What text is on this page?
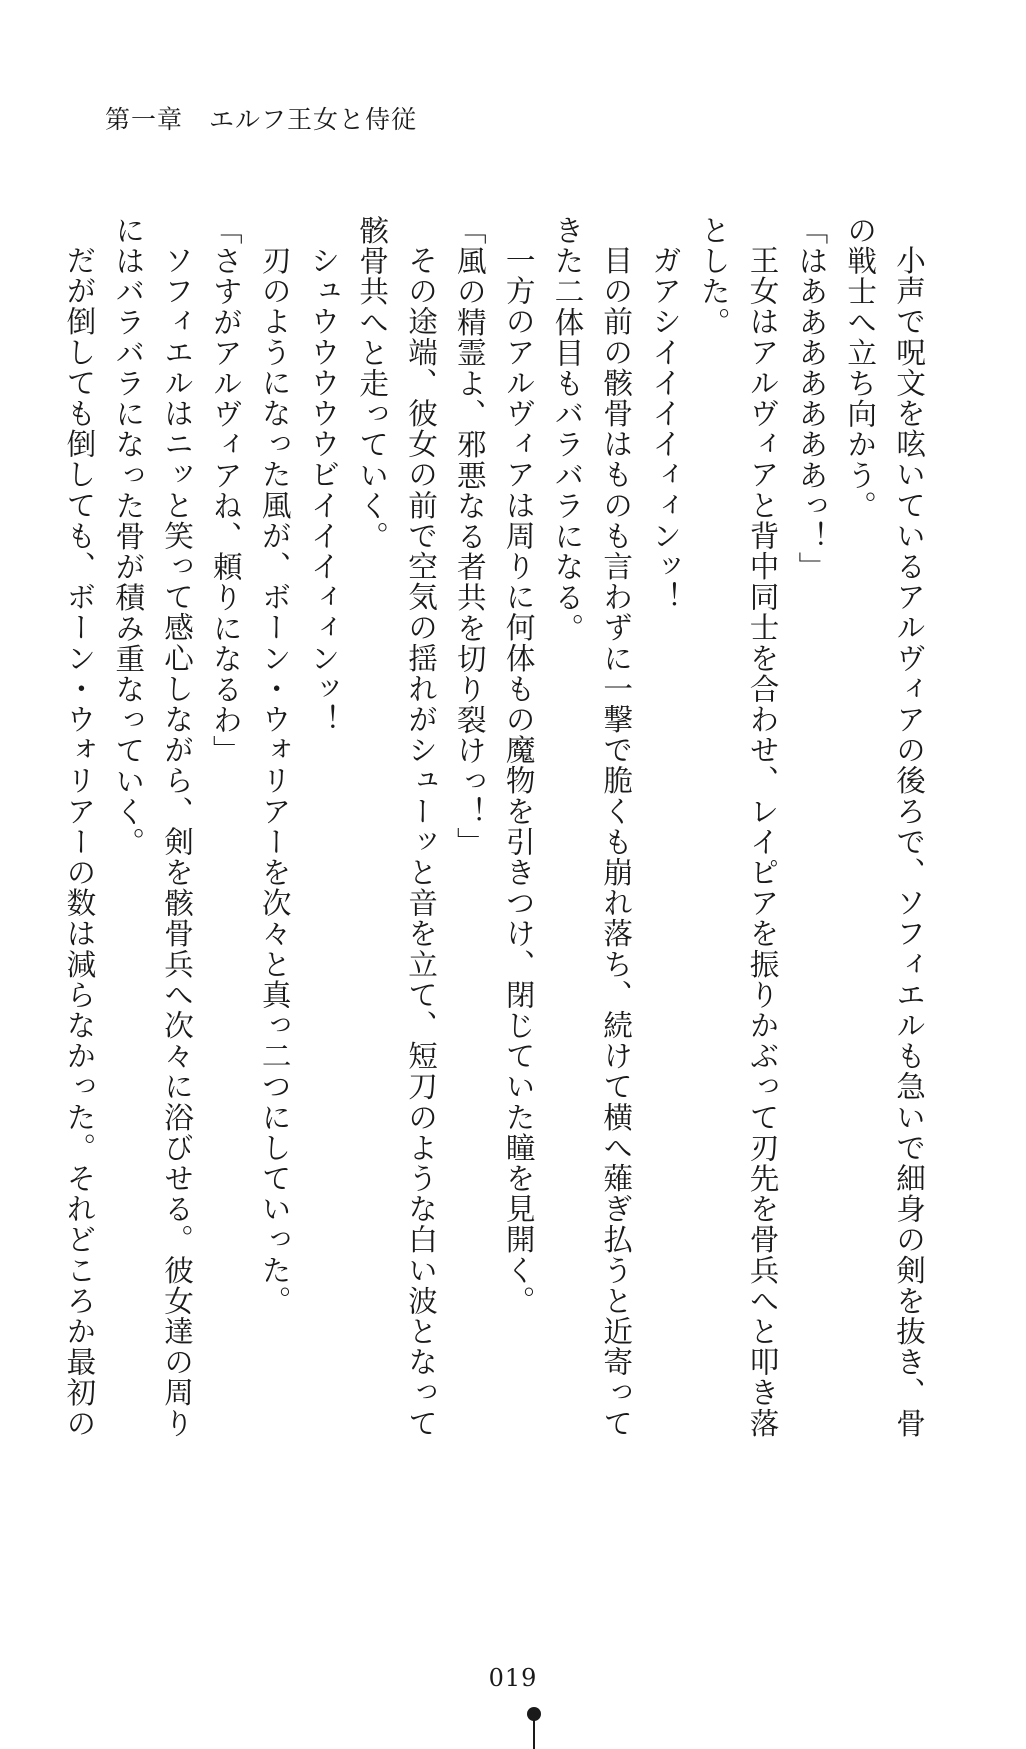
第一章　エルフ王女と侍従
小声で呪文を呟いているアルヴィアの後ろで、ソフィエルも急いで細身の剣を抜き、骨
の戦士へ立ち向かう。
「はあああああああっ！」
王女はアルヴィアと背中同士を合わせ、レイピアを振りかぶって刃先を骨兵へと叩き落
とした。
ガアシイイイイィィンッ！
目の前の骸骨はものも言わずに一撃で脆くも崩れ落ち、続けて横へ薙ぎ払うと近寄って
きた二体目もバラバラになる。
一方のアルヴィアは周りに何体もの魔物を引きつけ、閉じていた瞳を見開く。
「風の精霊よ、邪悪なる者共を切り裂けっ！」
その途端、彼女の前で空気の揺れがシューッと音を立て、短刀のような白い波となって
骸骨共へと走っていく。
シュウウウウウビイイイィィンッ！
刃のようになった風が、ボーン・ウォリアーを次々と真っ二つにしていった。
「さすがアルヴィアね、頼りになるわ」
ソフィエルはニッと笑って感心しながら、剣を骸骨兵へ次々に浴びせる。彼女達の周り
にはバラバラになった骨が積み重なっていく。
だが倒しても倒しても、ボーン・ウォリアーの数は減らなかった。それどころか最初の
019
